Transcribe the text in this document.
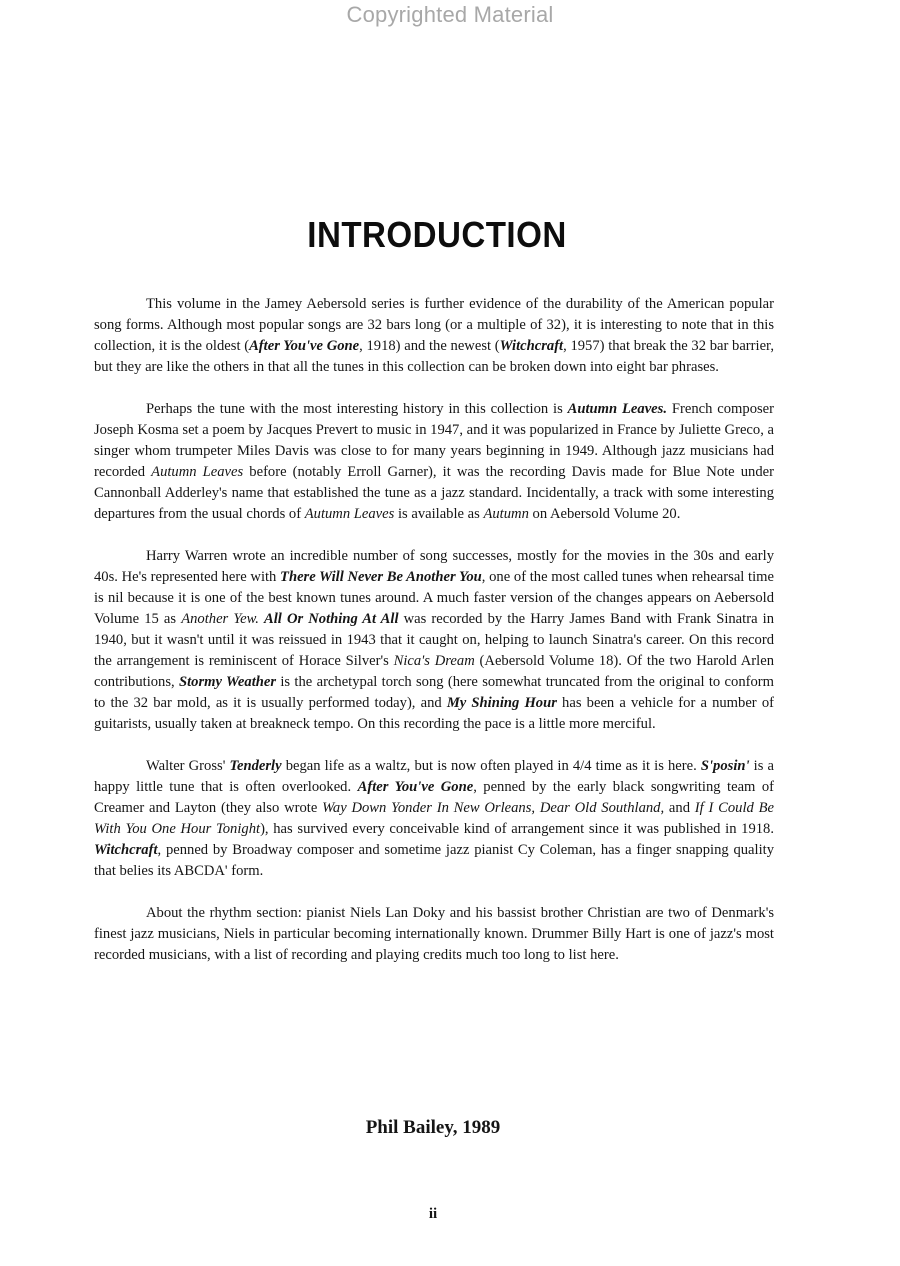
Copyrighted Material
INTRODUCTION

This volume in the Jamey Aebersold series is further evidence of the durability of the American popular song forms. Although most popular songs are 32 bars long (or a multiple of 32), it is interesting to note that in this collection, it is the oldest (After You've Gone, 1918) and the newest (Witchcraft, 1957) that break the 32 bar barrier, but they are like the others in that all the tunes in this collection can be broken down into eight bar phrases.

Perhaps the tune with the most interesting history in this collection is Autumn Leaves. French composer Joseph Kosma set a poem by Jacques Prevert to music in 1947, and it was popularized in France by Juliette Greco, a singer whom trumpeter Miles Davis was close to for many years beginning in 1949. Although jazz musicians had recorded Autumn Leaves before (notably Erroll Garner), it was the recording Davis made for Blue Note under Cannonball Adderley's name that established the tune as a jazz standard. Incidentally, a track with some interesting departures from the usual chords of Autumn Leaves is available as Autumn on Aebersold Volume 20.

Harry Warren wrote an incredible number of song successes, mostly for the movies in the 30s and early 40s. He's represented here with There Will Never Be Another You, one of the most called tunes when rehearsal time is nil because it is one of the best known tunes around. A much faster version of the changes appears on Aebersold Volume 15 as Another Yew. All Or Nothing At All was recorded by the Harry James Band with Frank Sinatra in 1940, but it wasn't until it was reissued in 1943 that it caught on, helping to launch Sinatra's career. On this record the arrangement is reminiscent of Horace Silver's Nica's Dream (Aebersold Volume 18). Of the two Harold Arlen contributions, Stormy Weather is the archetypal torch song (here somewhat truncated from the original to conform to the 32 bar mold, as it is usually performed today), and My Shining Hour has been a vehicle for a number of guitarists, usually taken at breakneck tempo. On this recording the pace is a little more merciful.

Walter Gross' Tenderly began life as a waltz, but is now often played in 4/4 time as it is here. S'posin' is a happy little tune that is often overlooked. After You've Gone, penned by the early black songwriting team of Creamer and Layton (they also wrote Way Down Yonder In New Orleans, Dear Old Southland, and If I Could Be With You One Hour Tonight), has survived every conceivable kind of arrangement since it was published in 1918. Witchcraft, penned by Broadway composer and sometime jazz pianist Cy Coleman, has a finger snapping quality that belies its ABCDA' form.

About the rhythm section: pianist Niels Lan Doky and his bassist brother Christian are two of Denmark's finest jazz musicians, Niels in particular becoming internationally known. Drummer Billy Hart is one of jazz's most recorded musicians, with a list of recording and playing credits much too long to list here.

Phil Bailey, 1989
ii
